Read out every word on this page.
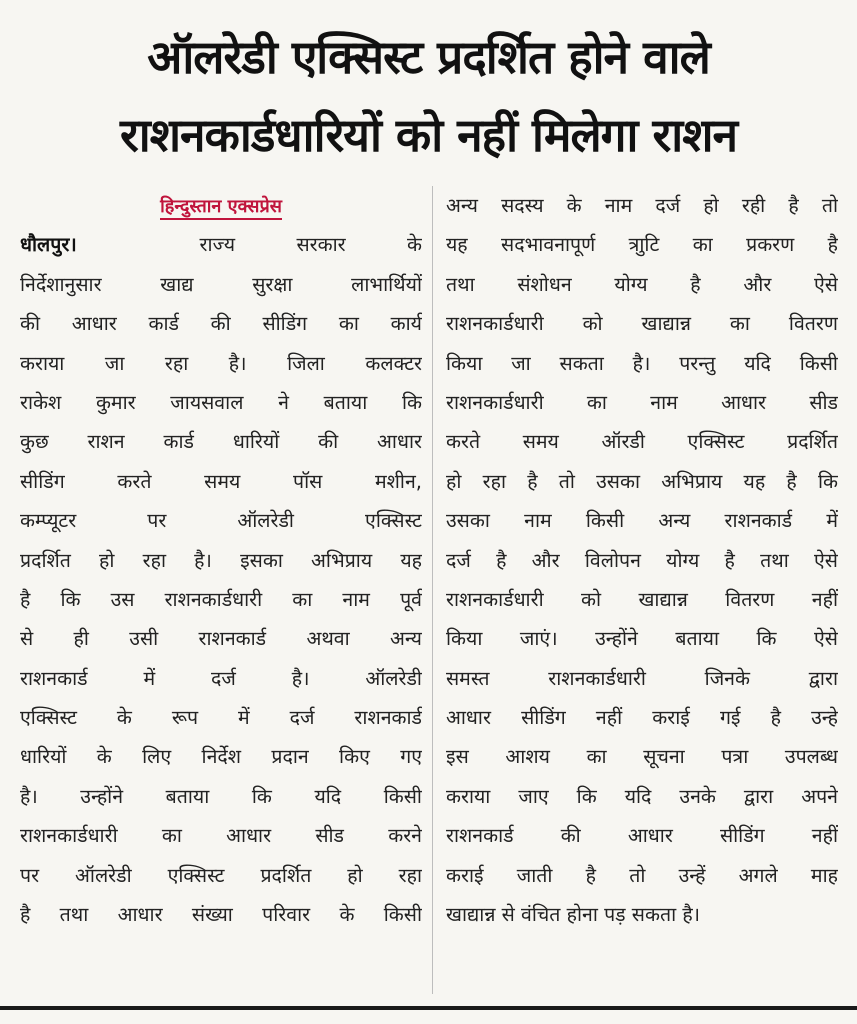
ऑलरेडी एक्सिस्ट प्रदर्शित होने वाले
राशनकार्डधारियों को नहीं मिलेगा राशन
हिन्दुस्तान एक्सप्रेस
धौलपुर।	राज्य सरकार के
निर्देशानुसार खाद्य सुरक्षा लाभार्थियों
की आधार कार्ड की सीडिंग का कार्य
कराया जा रहा है। जिला कलक्टर
राकेश कुमार जायसवाल ने बताया कि
कुछ राशन कार्ड धारियों की आधार
सीडिंग करते समय पॉस मशीन,
कम्प्यूटर पर ऑलरेडी एक्सिस्ट
प्रदर्शित हो रहा है। इसका अभिप्राय यह
है कि उस राशनकार्डधारी का नाम पूर्व
से ही उसी राशनकार्ड अथवा अन्य
राशनकार्ड में दर्ज है। ऑलरेडी
एक्सिस्ट के रूप में दर्ज राशनकार्ड
धारियों के लिए निर्देश प्रदान किए गए
है। उन्होंने बताया कि यदि किसी
राशनकार्डधारी का आधार सीड करने
पर ऑलरेडी एक्सिस्ट प्रदर्शित हो रहा
है तथा आधार संख्या परिवार के किसी
अन्य सदस्य के नाम दर्ज हो रही है तो
यह सदभावनापूर्ण त्राुटि का प्रकरण है
तथा संशोधन योग्य है और ऐसे
राशनकार्डधारी को खाद्यान्न का वितरण
किया जा सकता है। परन्तु यदि किसी
राशनकार्डधारी का नाम आधार सीड
करते समय ऑरडी एक्सिस्ट प्रदर्शित
हो रहा है तो उसका अभिप्राय यह है कि
उसका नाम किसी अन्य राशनकार्ड में
दर्ज है और विलोपन योग्य है तथा ऐसे
राशनकार्डधारी को खाद्यान्न वितरण नहीं
किया जाएं। उन्होंने बताया कि ऐसे
समस्त राशनकार्डधारी जिनके द्वारा
आधार सीडिंग नहीं कराई गई है उन्हे
इस आशय का सूचना पत्रा उपलब्ध
कराया जाए कि यदि उनके द्वारा अपने
राशनकार्ड की आधार सीडिंग नहीं
कराई जाती है तो उन्हें अगले माह
खाद्यान्न से वंचित होना पड़ सकता है।
